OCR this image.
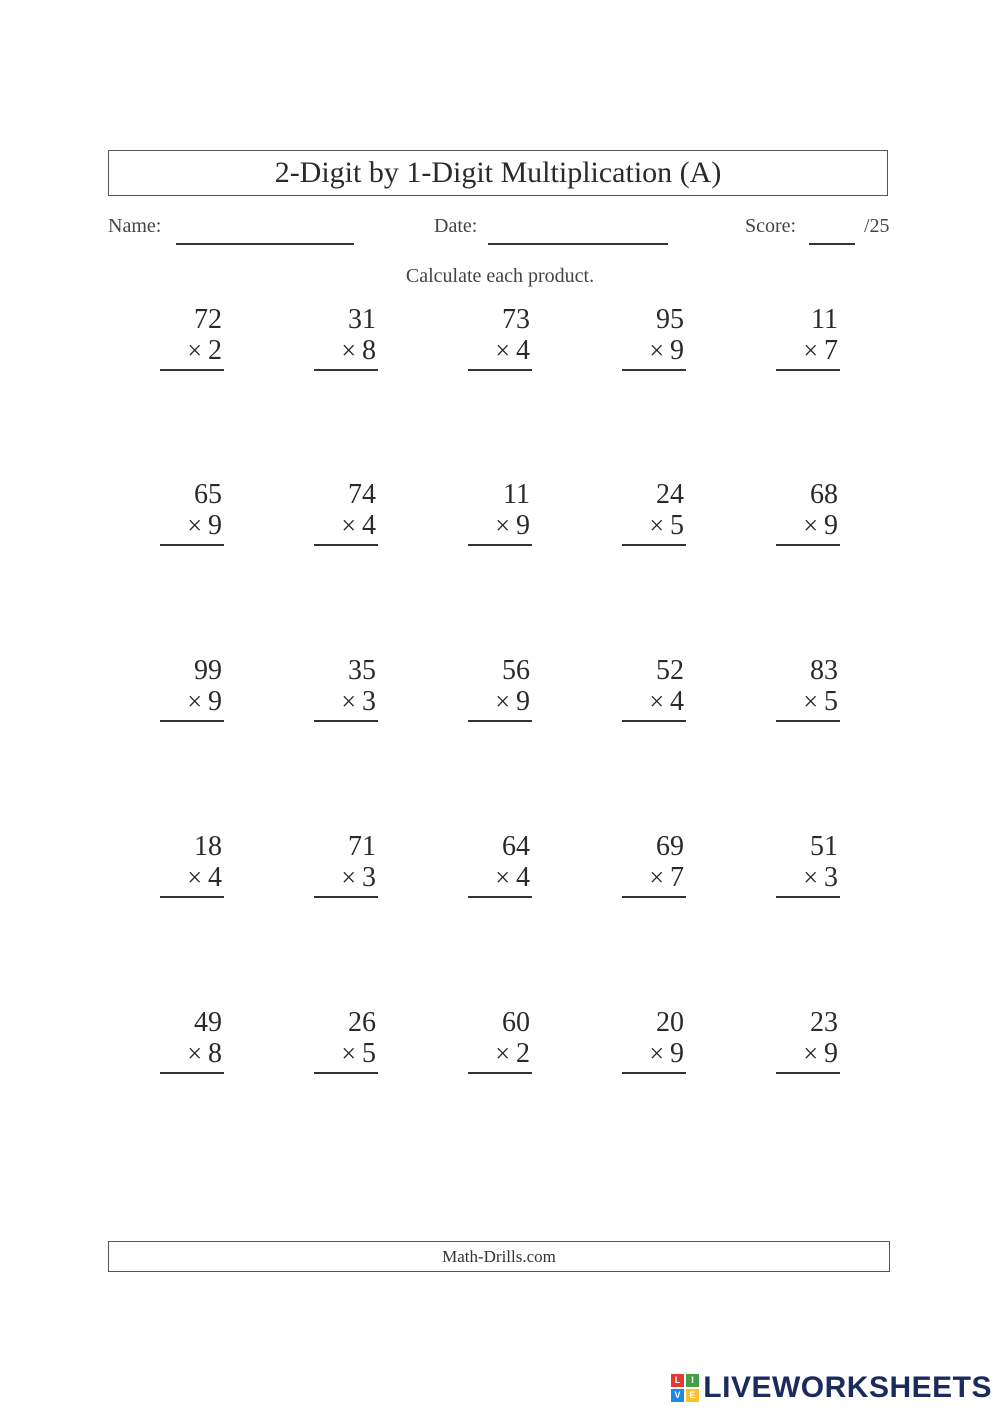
2-Digit by 1-Digit Multiplication (A)
Name:	Date:	Score:	/25
Calculate each product.
72
× 2
31
× 8
73
× 4
95
× 9
11
× 7
65
× 9
74
× 4
11
× 9
24
× 5
68
× 9
99
× 9
35
× 3
56
× 9
52
× 4
83
× 5
18
× 4
71
× 3
64
× 4
69
× 7
51
× 3
49
× 8
26
× 5
60
× 2
20
× 9
23
× 9
Math-Drills.com
L	I
V E LIVEWORKSHEETS
